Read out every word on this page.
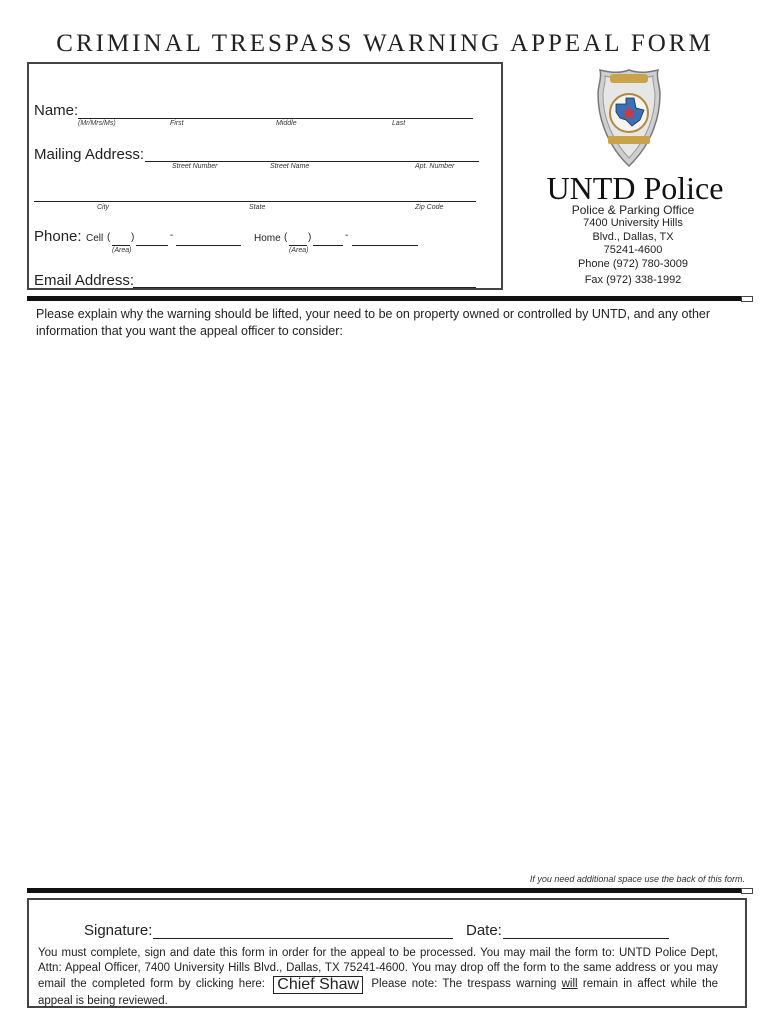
CRIMINAL TRESPASS WARNING APPEAL FORM
Name:
(Mr/Mrs/Ms)	First	Middle	Last
Mailing Address:
Street Number	Street Name	Apt. Number
City	State	Zip Code
Phone: Cell ( )	-
(Area)
Home ( )	-
(Area)
Email Address:
UNTD Police
Police & Parking Office
7400 University Hills
Blvd., Dallas, TX
75241-4600
Phone (972) 780-3009
Fax (972) 338-1992
Please explain why the warning should be lifted, your need to be on property owned or controlled by UNTD, and any other information that you want the appeal officer to consider:
If you need additional space use the back of this form.
Signature:	Date:
You must complete, sign and date this form in order for the appeal to be processed. You may mail the form to: UNTD Police Dept, Attn: Appeal Officer, 7400 University Hills Blvd., Dallas, TX 75241-4600. You may drop off the form to the same address or you may email the completed form by clicking here: Chief Shaw Please note: The trespass warning will remain in affect while the appeal is being reviewed.
